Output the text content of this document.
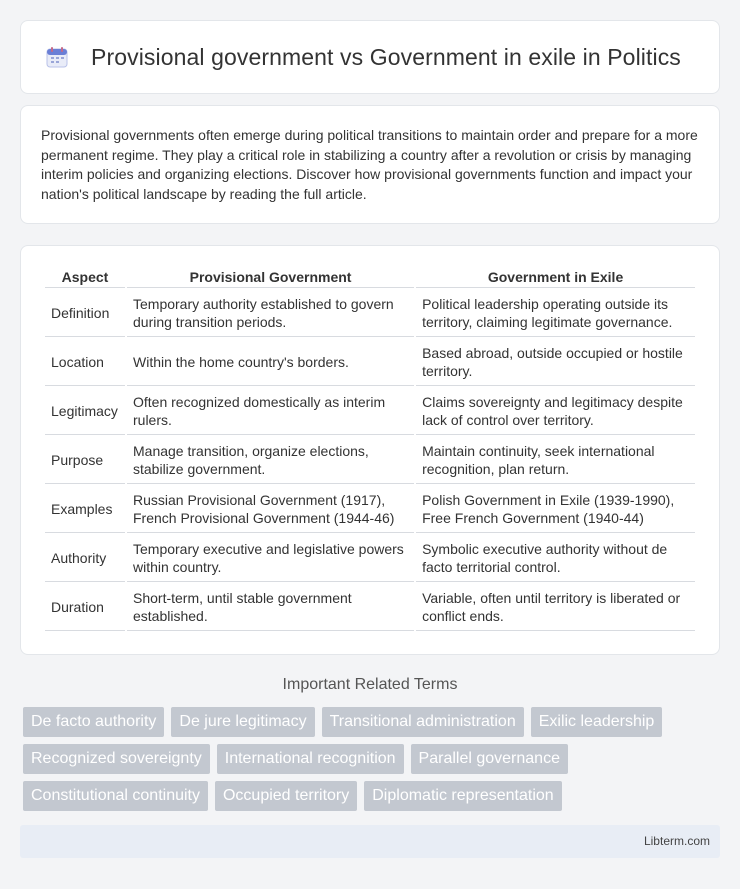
Provisional government vs Government in exile in Politics

Provisional governments often emerge during political transitions to maintain order and prepare for a more permanent regime. They play a critical role in stabilizing a country after a revolution or crisis by managing interim policies and organizing elections. Discover how provisional governments function and impact your nation's political landscape by reading the full article.

Aspect	Provisional Government	Government in Exile
Definition	Temporary authority established to govern during transition periods.	Political leadership operating outside its territory, claiming legitimate governance.
Location	Within the home country's borders.	Based abroad, outside occupied or hostile territory.
Legitimacy	Often recognized domestically as interim rulers.	Claims sovereignty and legitimacy despite lack of control over territory.
Purpose	Manage transition, organize elections, stabilize government.	Maintain continuity, seek international recognition, plan return.
Examples	Russian Provisional Government (1917), French Provisional Government (1944-46)	Polish Government in Exile (1939-1990), Free French Government (1940-44)
Authority	Temporary executive and legislative powers within country.	Symbolic executive authority without de facto territorial control.
Duration	Short-term, until stable government established.	Variable, often until territory is liberated or conflict ends.
Important Related Terms
De facto authority	De jure legitimacy	Transitional administration	Exilic leadership
Recognized sovereignty	International recognition	Parallel governance
Constitutional continuity	Occupied territory	Diplomatic representation
Libterm.com
